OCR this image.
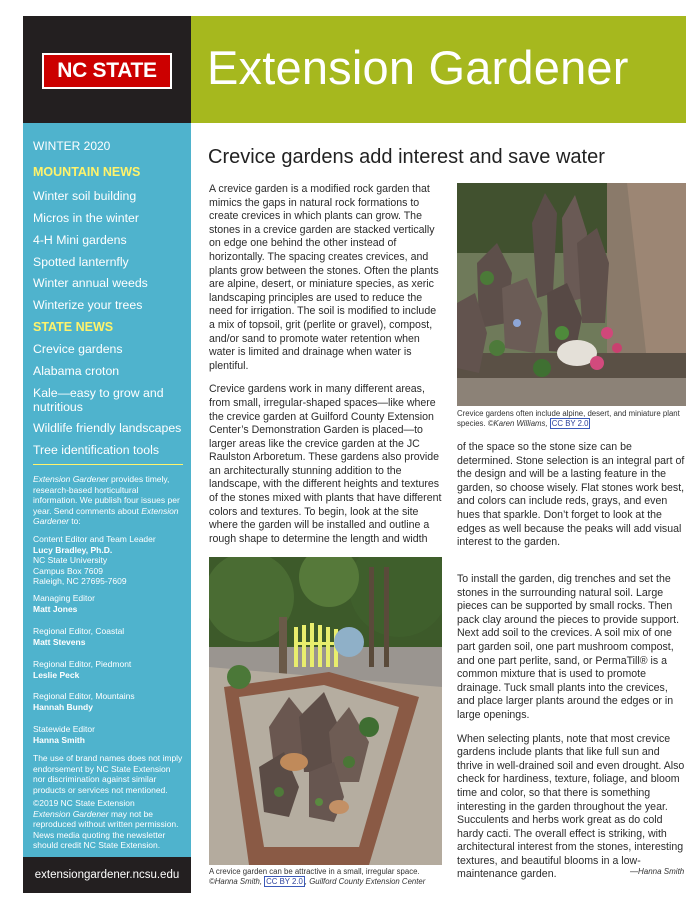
NC STATE Extension Gardener
WINTER 2020
MOUNTAIN NEWS
Winter soil building
Micros in the winter
4-H Mini gardens
Spotted lanternfly
Winter annual weeds
Winterize your trees
STATE NEWS
Crevice gardens
Alabama croton
Kale—easy to grow and nutritious
Wildlife friendly landscapes
Tree identification tools
Extension Gardener provides timely, research-based horticultural information. We publish four issues per year. Send comments about Extension Gardener to:
Content Editor and Team Leader
Lucy Bradley, Ph.D.
NC State University
Campus Box 7609
Raleigh, NC 27695-7609
Managing Editor
Matt Jones
Regional Editor, Coastal
Matt Stevens
Regional Editor, Piedmont
Leslie Peck
Regional Editor, Mountains
Hannah Bundy
Statewide Editor
Hanna Smith
The use of brand names does not imply endorsement by NC State Extension nor discrimination against similar products or services not mentioned.
©2019 NC State Extension
Extension Gardener may not be reproduced without written permission. News media quoting the newsletter should credit NC State Extension.
extensiongardener.ncsu.edu
Crevice gardens add interest and save water

A crevice garden is a modified rock garden that mimics the gaps in natural rock formations to create crevices in which plants can grow. The stones in a crevice garden are stacked vertically on edge one behind the other instead of horizontally. The spacing creates crevices, and plants grow between the stones. Often the plants are alpine, desert, or miniature species, as xeric landscaping principles are used to reduce the need for irrigation. The soil is modified to include a mix of topsoil, grit (perlite or gravel), compost, and/or sand to promote water retention when water is limited and drainage when water is plentiful.

Crevice gardens work in many different areas, from small, irregular-shaped spaces—like where the crevice garden at Guilford County Extension Center’s Demonstration Garden is placed—to larger areas like the crevice garden at the JC Raulston Arboretum. These gardens also provide an architecturally stunning addition to the landscape, with the different heights and textures of the stones mixed with plants that have different colors and textures. To begin, look at the site where the garden will be installed and outline a rough shape to determine the length and width

Crevice gardens often include alpine, desert, and miniature plant species. ©Karen Williams, CC BY 2.0

of the space so the stone size can be determined. Stone selection is an integral part of the design and will be a lasting feature in the garden, so choose wisely. Flat stones work best, and colors can include reds, grays, and even hues that sparkle. Don’t forget to look at the edges as well because the peaks will add visual interest to the garden.

To install the garden, dig trenches and set the stones in the surrounding natural soil. Large pieces can be supported by small rocks. Then pack clay around the pieces to provide support. Next add soil to the crevices. A soil mix of one part garden soil, one part mushroom compost, and one part perlite, sand, or PermaTill® is a common mixture that is used to promote drainage. Tuck small plants into the crevices, and place larger plants around the edges or in large openings.

When selecting plants, note that most crevice gardens include plants that like full sun and thrive in well-drained soil and even drought. Also check for hardiness, texture, foliage, and bloom time and color, so that there is something interesting in the garden throughout the year. Succulents and herbs work great as do cold hardy cacti. The overall effect is striking, with architectural interest from the stones, interesting textures, and beautiful blooms in a low-maintenance garden.

A crevice garden can be attractive in a small, irregular space.
©Hanna Smith, CC BY 2.0 , Guilford County Extension Center
—Hanna Smith
